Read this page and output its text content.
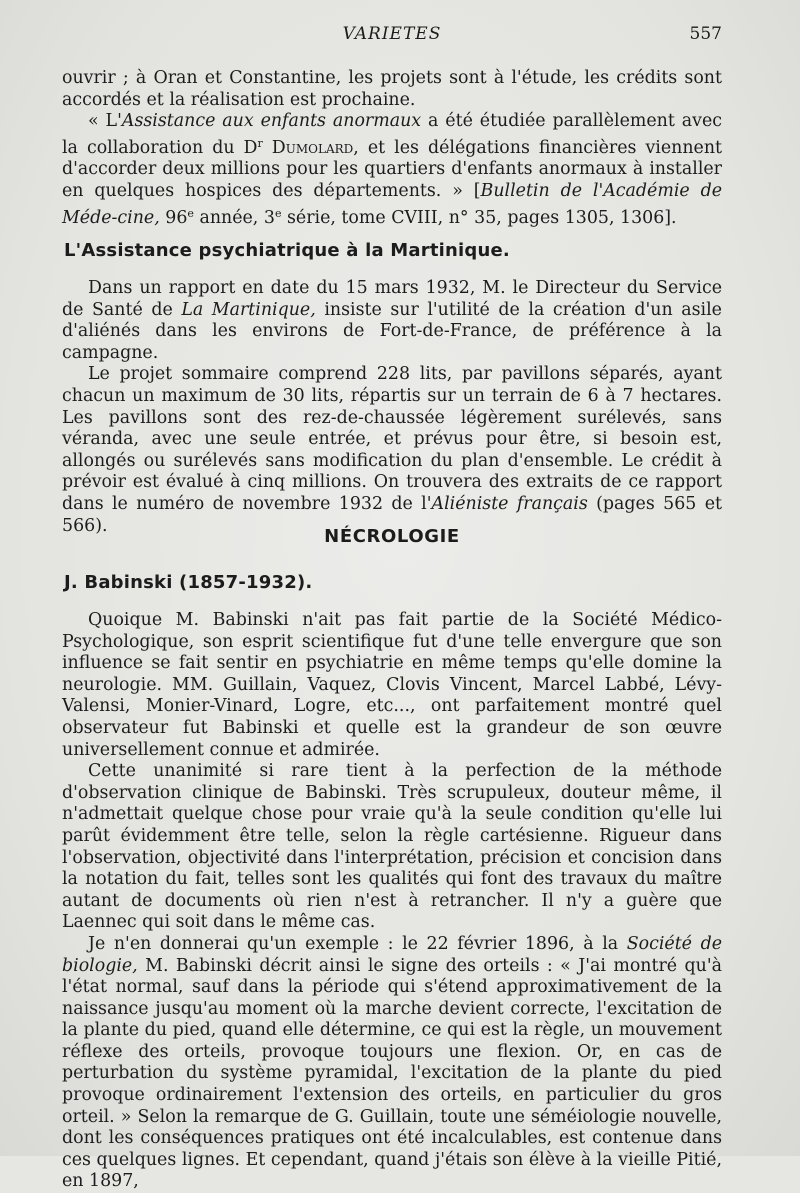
VARIETES	557

ouvrir ; à Oran et Constantine, les projets sont à l'étude, les crédits sont accordés et la réalisation est prochaine.

« L'Assistance aux enfants anormaux a été étudiée parallèlement avec la collaboration du $D^r$ Dumolard, et les délégations financières viennent d'accorder deux millions pour les quartiers d'enfants anormaux à installer en quelques hospices des départements. » [Bulletin de l'Académie de Méde-cine, 96e année, 3e série, tome CVIII, n° 35, pages 1305, 1306].

L'Assistance psychiatrique à la Martinique.

Dans un rapport en date du 15 mars 1932, M. le Directeur du Service de Santé de La Martinique, insiste sur l'utilité de la création d'un asile d'aliénés dans les environs de Fort-de-France, de préférence à la campagne.

Le projet sommaire comprend 228 lits, par pavillons séparés, ayant chacun un maximum de 30 lits, répartis sur un terrain de 6 à 7 hectares. Les pavillons sont des rez-de-chaussée légèrement surélevés, sans véranda, avec une seule entrée, et prévus pour être, si besoin est, allongés ou surélevés sans modification du plan d'ensemble. Le crédit à prévoir est évalué à cinq millions. On trouvera des extraits de ce rapport dans le numéro de novembre 1932 de l'Aliéniste français (pages 565 et 566).

NÉCROLOGIE
J. Babinski (1857-1932).

Quoique M. Babinski n'ait pas fait partie de la Société Médico-Psychologique, son esprit scientifique fut d'une telle envergure que son influence se fait sentir en psychiatrie en même temps qu'elle domine la neurologie. MM. Guillain, Vaquez, Clovis Vincent, Marcel Labbé, Lévy-Valensi, Monier-Vinard, Logre, etc..., ont parfaitement montré quel observateur fut Babinski et quelle est la grandeur de son œuvre universellement connue et admirée.

Cette unanimité si rare tient à la perfection de la méthode d'observation clinique de Babinski. Très scrupuleux, douteur même, il n'admettait quelque chose pour vraie qu'à la seule condition qu'elle lui parût évidemment être telle, selon la règle cartésienne. Rigueur dans l'observation, objectivité dans l'interprétation, précision et concision dans la notation du fait, telles sont les qualités qui font des travaux du maître autant de documents où rien n'est à retrancher. Il n'y a guère que Laennec qui soit dans le même cas.

Je n'en donnerai qu'un exemple : le 22 février 1896, à la Société de biologie, M. Babinski décrit ainsi le signe des orteils : « J'ai montré qu'à l'état normal, sauf dans la période qui s'étend approximativement de la naissance jusqu'au moment où la marche devient correcte, l'excitation de la plante du pied, quand elle détermine, ce qui est la règle, un mouvement réflexe des orteils, provoque toujours une flexion. Or, en cas de perturbation du système pyramidal, l'excitation de la plante du pied provoque ordinairement l'extension des orteils, en particulier du gros orteil. » Selon la remarque de G. Guillain, toute une séméiologie nouvelle, dont les conséquences pratiques ont été incalculables, est contenue dans ces quelques lignes. Et cependant, quand j'étais son élève à la vieille Pitié, en 1897,
